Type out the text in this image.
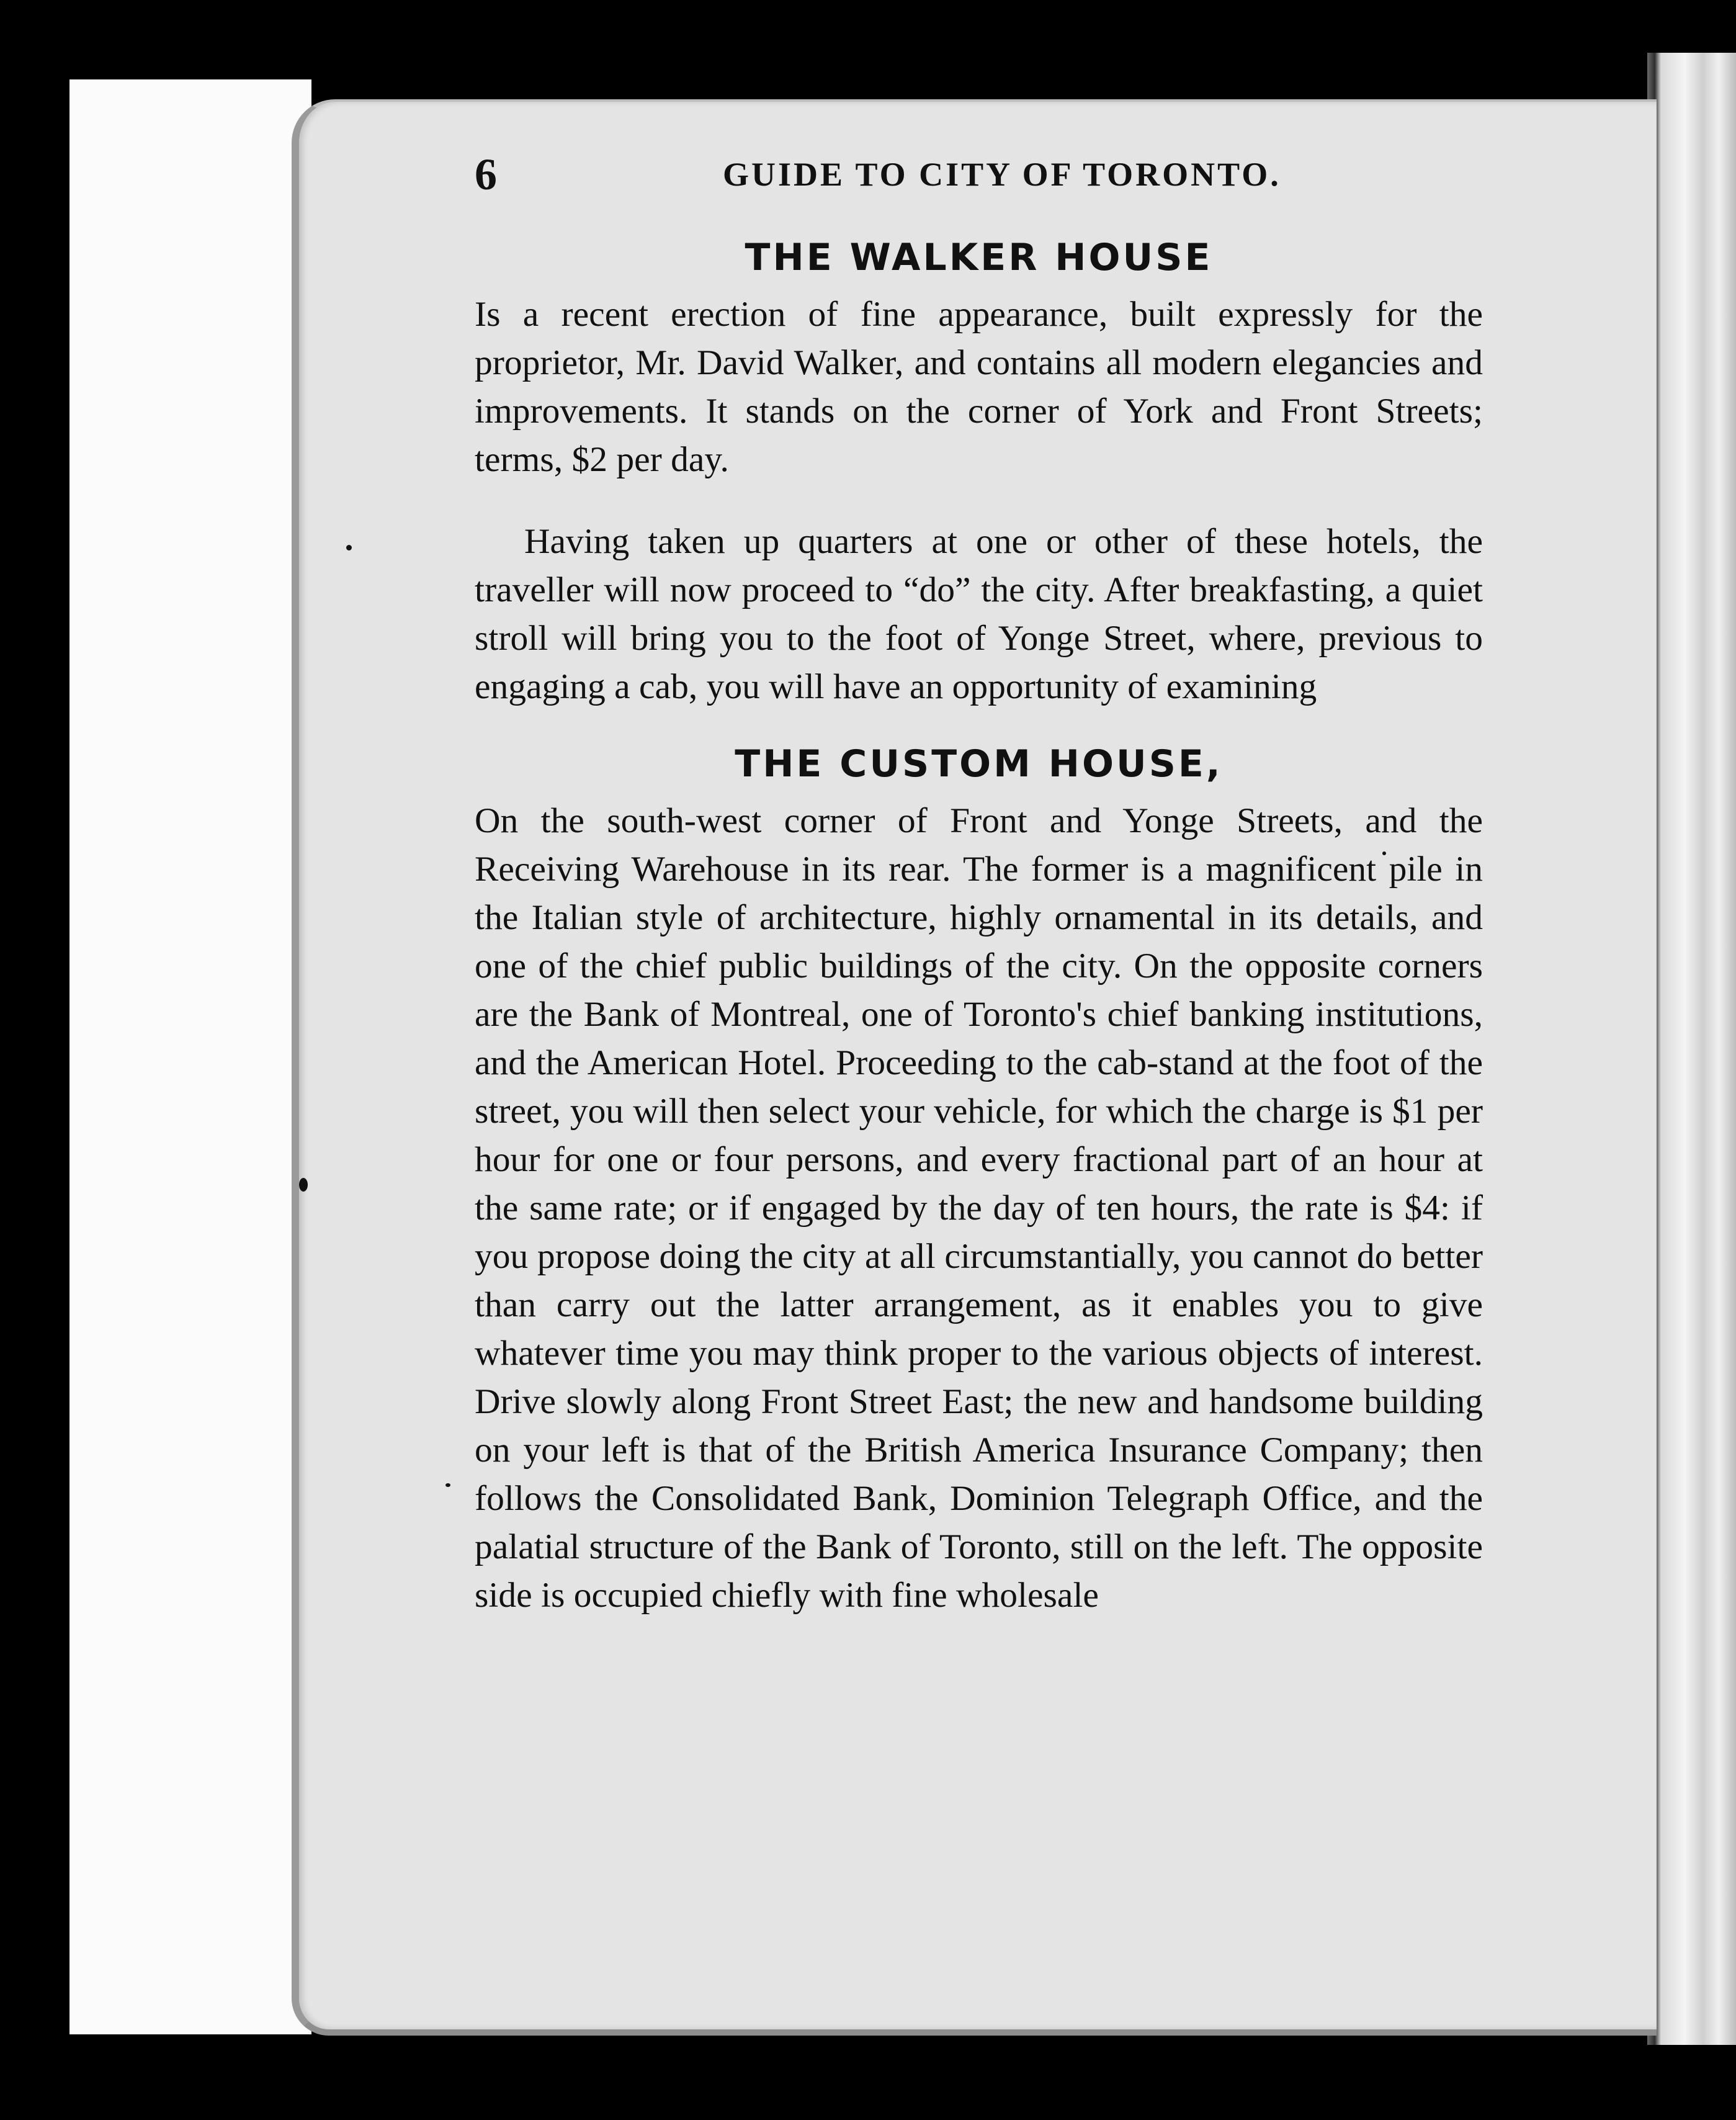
6	GUIDE TO CITY OF TORONTO.
THE WALKER HOUSE

Is a recent erection of fine appearance, built expressly for the proprietor, Mr. David Walker, and contains all modern elegancies and improvements. It stands on the corner of York and Front Streets; terms, $2 per day.

Having taken up quarters at one or other of these hotels, the traveller will now proceed to “do” the city. After breakfasting, a quiet stroll will bring you to the foot of Yonge Street, where, previous to engaging a cab, you will have an opportunity of examining

THE CUSTOM HOUSE,

On the south-west corner of Front and Yonge Streets, and the Receiving Warehouse in its rear. The former is a magnificent pile in the Italian style of architecture, highly ornamental in its details, and one of the chief public buildings of the city. On the opposite corners are the Bank of Montreal, one of Toronto's chief banking institutions, and the American Hotel. Proceeding to the cab-stand at the foot of the street, you will then select your vehicle, for which the charge is $1 per hour for one or four persons, and every fractional part of an hour at the same rate; or if engaged by the day of ten hours, the rate is $4: if you propose doing the city at all circumstantially, you cannot do better than carry out the latter arrangement, as it enables you to give whatever time you may think proper to the various objects of interest. Drive slowly along Front Street East; the new and handsome building on your left is that of the British America Insurance Company; then follows the Consolidated Bank, Dominion Telegraph Office, and the palatial structure of the Bank of Toronto, still on the left. The opposite side is occupied chiefly with fine wholesale
